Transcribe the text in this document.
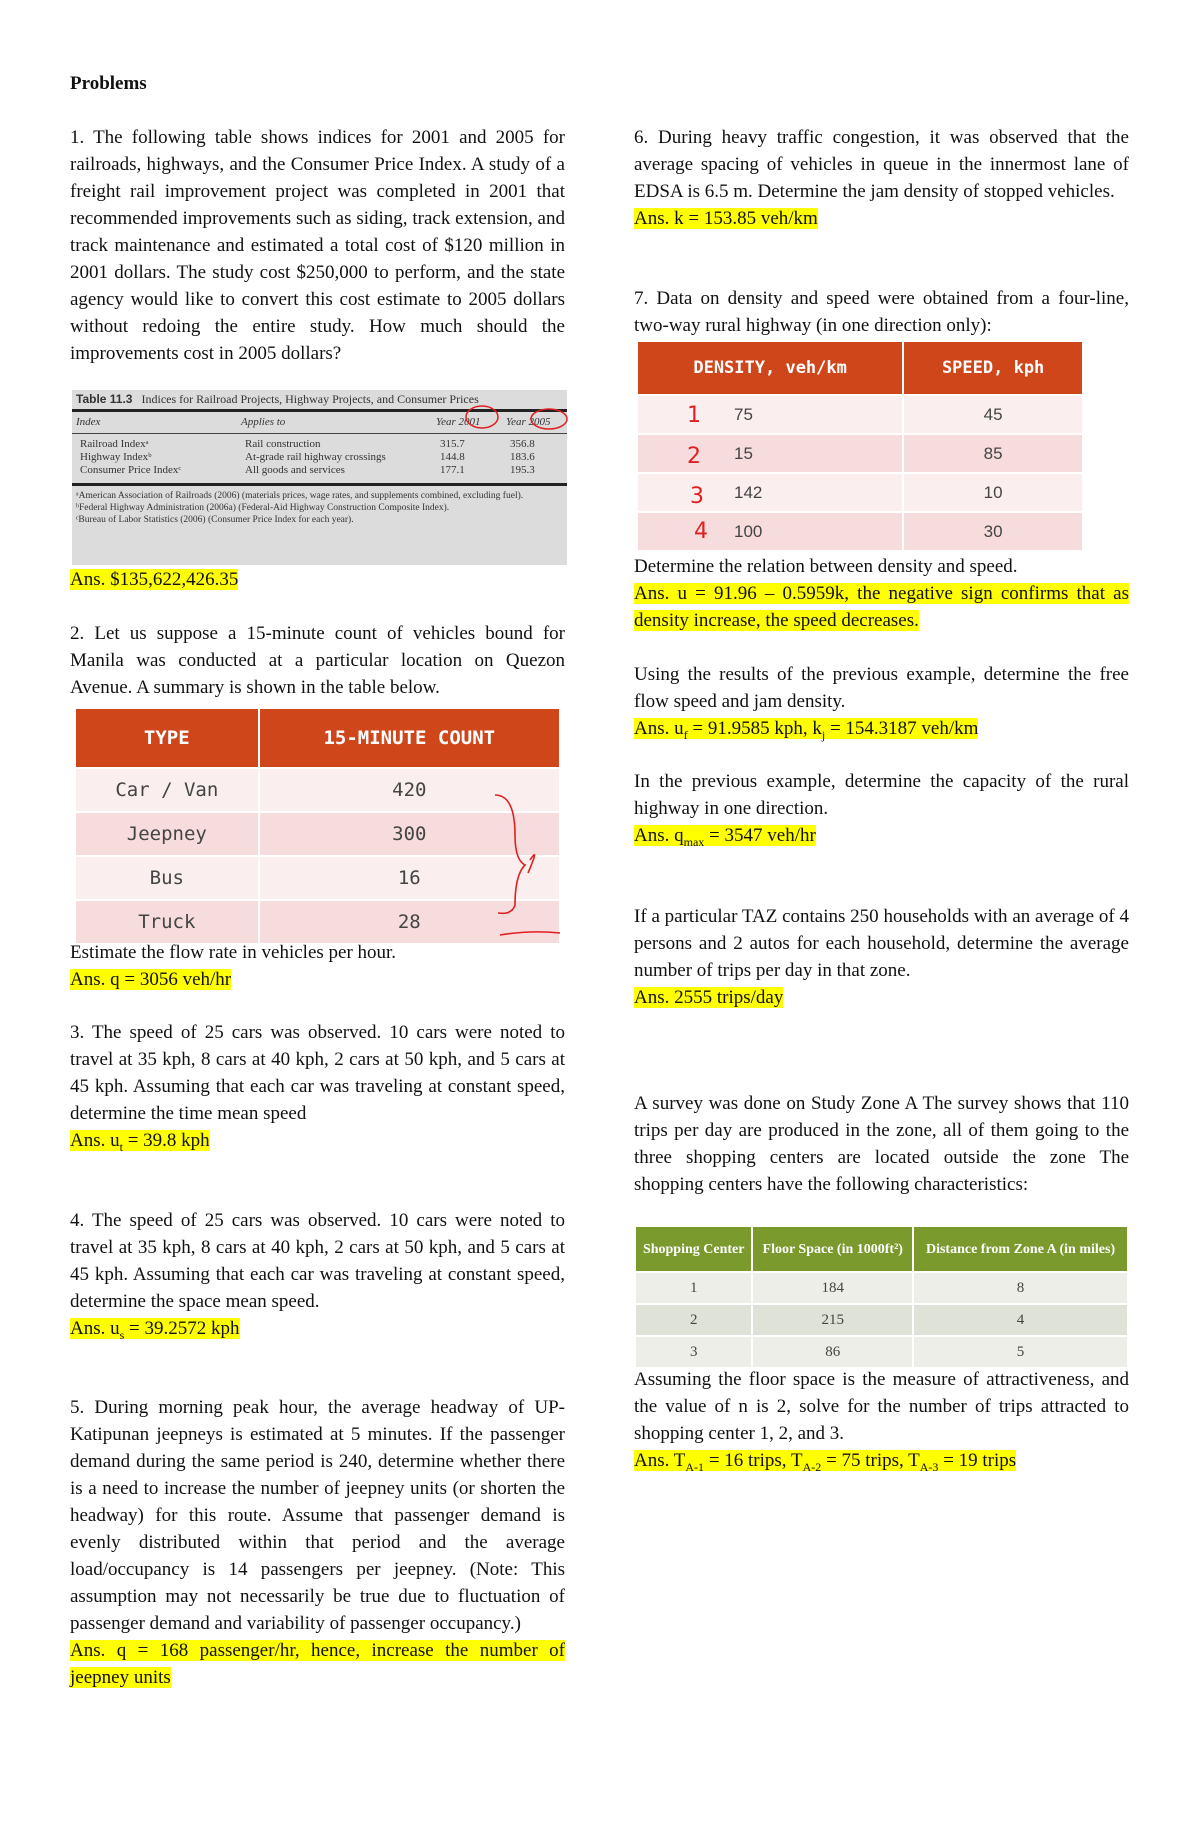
Problems

1. The following table shows indices for 2001 and 2005 for railroads, highways, and the Consumer Price Index. A study of a freight rail improvement project was completed in 2001 that recommended improvements such as siding, track extension, and track maintenance and estimated a total cost of $120 million in 2001 dollars. The study cost $250,000 to perform, and the state agency would like to convert this cost estimate to 2005 dollars without redoing the entire study. How much should the improvements cost in 2005 dollars?

Table 11.3 Indices for Railroad Projects, Highway Projects, and Consumer Prices
Index	Applies to	Year 2001	Year 2005
Railroad Indexᵃ	Rail construction	315.7	356.8
Highway Indexᵇ	At-grade rail highway crossings	144.8	183.6
Consumer Price Indexᶜ	All goods and services	177.1	195.3
ᵃAmerican Association of Railroads (2006) (materials prices, wage rates, and supplements combined, excluding fuel).
ᵇFederal Highway Administration (2006a) (Federal-Aid Highway Construction Composite Index).
ᶜBureau of Labor Statistics (2006) (Consumer Price Index for each year).
Ans. $135,622,426.35

2. Let us suppose a 15-minute count of vehicles bound for Manila was conducted at a particular location on Quezon Avenue. A summary is shown in the table below.

TYPE	15-MINUTE COUNT
Car / Van	420
Jeepney	300
Bus	16
Truck	28

Estimate the flow rate in vehicles per hour.

Ans. q = 3056 veh/hr

3. The speed of 25 cars was observed. 10 cars were noted to travel at 35 kph, 8 cars at 40 kph, 2 cars at 50 kph, and 5 cars at 45 kph. Assuming that each car was traveling at constant speed, determine the time mean speed

Ans. $u_t = 39.8$ kph

4. The speed of 25 cars was observed. 10 cars were noted to travel at 35 kph, 8 cars at 40 kph, 2 cars at 50 kph, and 5 cars at 45 kph. Assuming that each car was traveling at constant speed, determine the space mean speed.

Ans. $u_s = 39.2572$ kph

5. During morning peak hour, the average headway of UP-Katipunan jeepneys is estimated at 5 minutes. If the passenger demand during the same period is 240, determine whether there is a need to increase the number of jeepney units (or shorten the headway) for this route. Assume that passenger demand is evenly distributed within that period and the average load/occupancy is 14 passengers per jeepney. (Note: This assumption may not necessarily be true due to fluctuation of passenger demand and variability of passenger occupancy.)

Ans. q = 168 passenger/hr, hence, increase the number of jeepney units

6. During heavy traffic congestion, it was observed that the average spacing of vehicles in queue in the innermost lane of EDSA is 6.5 m. Determine the jam density of stopped vehicles.

Ans. k = 153.85 veh/km

7. Data on density and speed were obtained from a four-line, two-way rural highway (in one direction only):

DENSITY, veh/km	SPEED, kph
75	45
15	85
142	10
100	30
1
2
3
4

Determine the relation between density and speed.

Ans. u = 91.96 – 0.5959k, the negative sign confirms that as density increase, the speed decreases.

Using the results of the previous example, determine the free flow speed and jam density.

Ans. $u_f = 91.9585$ kph, $k_j = 154.3187$ veh/km

In the previous example, determine the capacity of the rural highway in one direction.

Ans. $q_{max} = 3547$ veh/hr

If a particular TAZ contains 250 households with an average of 4 persons and 2 autos for each household, determine the average number of trips per day in that zone.

Ans. 2555 trips/day

A survey was done on Study Zone A The survey shows that 110 trips per day are produced in the zone, all of them going to the three shopping centers are located outside the zone The shopping centers have the following characteristics:

Shopping Center	Floor Space (in 1000ft²)	Distance from Zone A (in miles)
1	184	8
2	215	4
3	86	5

Assuming the floor space is the measure of attractiveness, and the value of n is 2, solve for the number of trips attracted to shopping center 1, 2, and 3.

Ans. $T_{A-1} = 16$ trips, $T_{A-2} = 75$ trips, $T_{A-3} = 19$ trips
